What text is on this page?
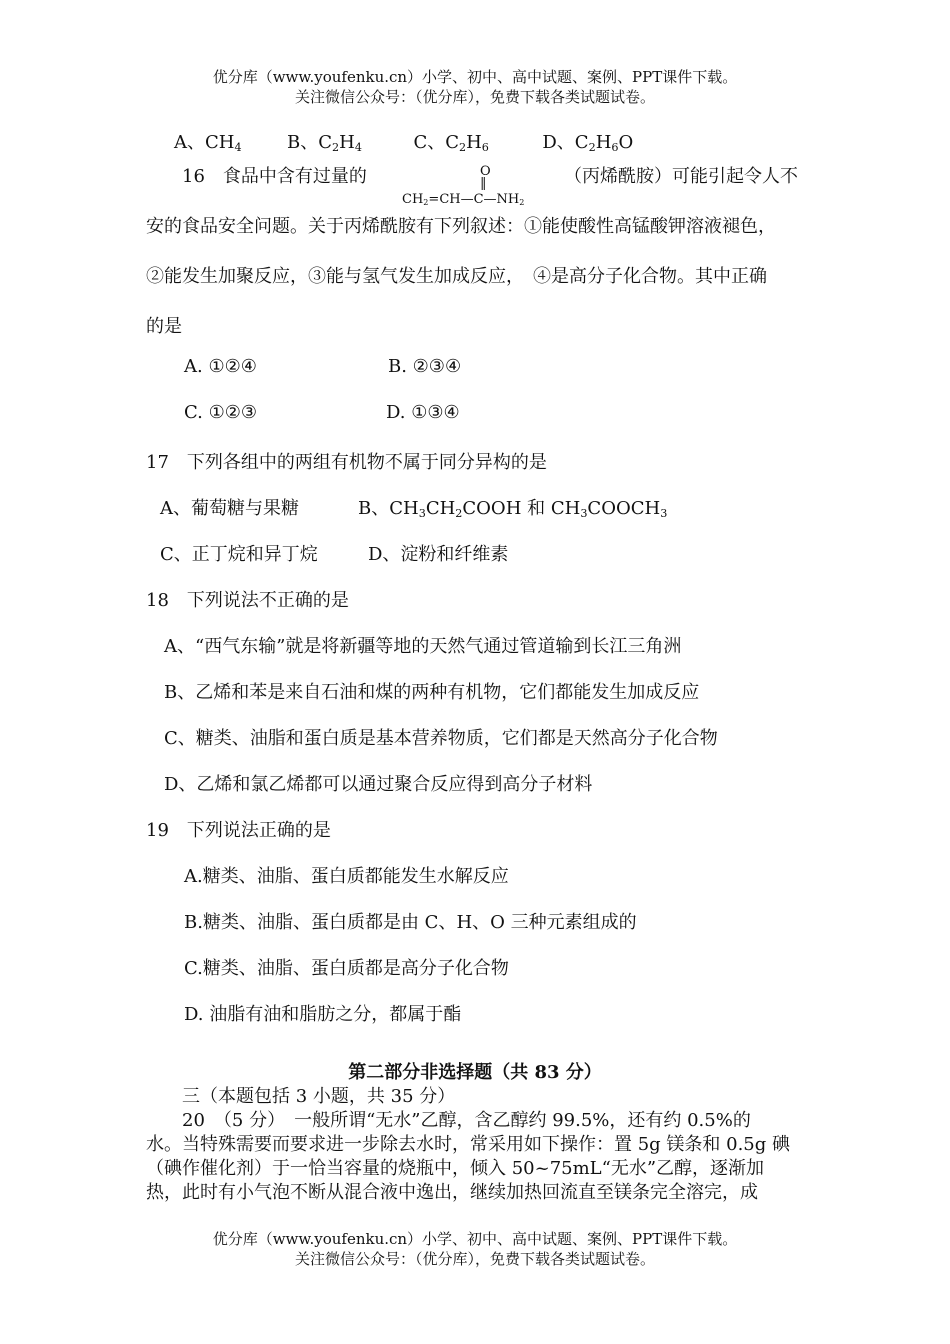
优分库（www.youfenku.cn）小学、初中、高中试题、案例、PPT课件下载。
关注微信公众号：（优分库），免费下载各类试题试卷。
A、$CH_4$	B、$C_2H_4$	C、$C_2H_6$	D、$C_2H_6O$
16　食品中含有过量的	O
‖
$CH_2=CH—C—NH_2$
（丙烯酰胺）可能引起令人不
安的食品安全问题。关于丙烯酰胺有下列叙述：①能使酸性高锰酸钾溶液褪色，
②能发生加聚反应，③能与氢气发生加成反应，　④是高分子化合物。其中正确
的是
A. ①②④	B. ②③④
C. ①②③	D. ①③④
17　下列各组中的两组有机物不属于同分异构的是
A、葡萄糖与果糖	B、$CH_3CH_2COOH$ 和 $CH_3COOCH_3$
C、正丁烷和异丁烷	D、淀粉和纤维素
18　下列说法不正确的是
A、“西气东输”就是将新疆等地的天然气通过管道输到长江三角洲
B、乙烯和苯是来自石油和煤的两种有机物，它们都能发生加成反应
C、糖类、油脂和蛋白质是基本营养物质，它们都是天然高分子化合物
D、乙烯和氯乙烯都可以通过聚合反应得到高分子材料
19　下列说法正确的是
A.糖类、油脂、蛋白质都能发生水解反应
B.糖类、油脂、蛋白质都是由 C、H、O 三种元素组成的
C.糖类、油脂、蛋白质都是高分子化合物
D. 油脂有油和脂肪之分，都属于酯
第二部分非选择题（共 83 分）
三（本题包括 3 小题，共 35 分）
　　20　（5 分）　一般所谓“无水”乙醇，含乙醇约 99.5%，还有约 0.5%的
水。当特殊需要而要求进一步除去水时，常采用如下操作：置 5g 镁条和 0.5g 碘
（碘作催化剂）于一恰当容量的烧瓶中，倾入 50~75mL“无水”乙醇，逐渐加
热，此时有小气泡不断从混合液中逸出，继续加热回流直至镁条完全溶完，成
优分库（www.youfenku.cn）小学、初中、高中试题、案例、PPT课件下载。
关注微信公众号：（优分库），免费下载各类试题试卷。
